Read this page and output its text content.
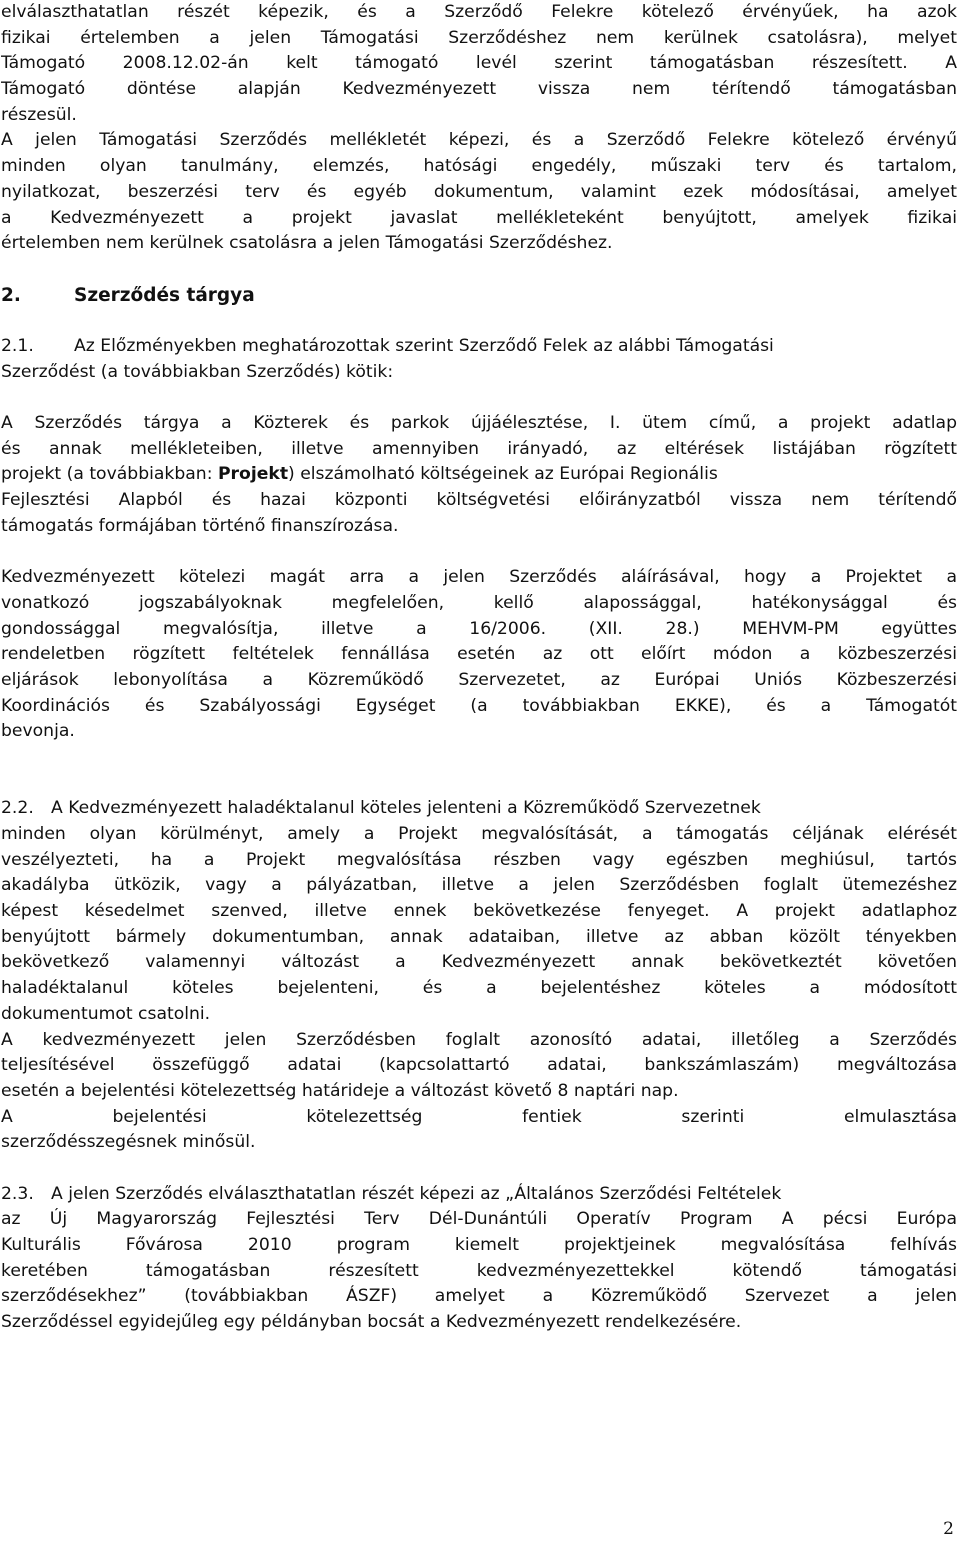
elválaszthatatlan részét képezik, és a Szerződő Felekre kötelező érvényűek, ha azok
fizikai értelemben a jelen Támogatási Szerződéshez nem kerülnek csatolásra), melyet
Támogató 2008.12.02-án kelt támogató levél szerint támogatásban részesített. A
Támogató döntése alapján Kedvezményezett vissza nem térítendő támogatásban
részesül.
A jelen Támogatási Szerződés mellékletét képezi, és a Szerződő Felekre kötelező érvényű
minden olyan tanulmány, elemzés, hatósági engedély, műszaki terv és tartalom,
nyilatkozat, beszerzési terv és egyéb dokumentum, valamint ezek módosításai, amelyet
a Kedvezményezett a projekt javaslat mellékleteként benyújtott, amelyek fizikai
értelemben nem kerülnek csatolásra a jelen Támogatási Szerződéshez.
2.	Szerződés tárgya
2.1. Az Előzményekben meghatározottak szerint Szerződő Felek az alábbi Támogatási
Szerződést (a továbbiakban Szerződés) kötik:
A Szerződés tárgya a Közterek és parkok újjáélesztése, I. ütem című, a projekt adatlap
és annak mellékleteiben, illetve amennyiben irányadó, az eltérések listájában rögzített
projekt (a továbbiakban: Projekt) elszámolható költségeinek az Európai Regionális
Fejlesztési Alapból és hazai központi költségvetési előirányzatból vissza nem térítendő
támogatás formájában történő finanszírozása.
Kedvezményezett kötelezi magát arra a jelen Szerződés aláírásával, hogy a Projektet a
vonatkozó jogszabályoknak megfelelően, kellő alapossággal, hatékonysággal és
gondossággal megvalósítja, illetve a 16/2006. (XII. 28.) MEHVM-PM együttes
rendeletben rögzített feltételek fennállása esetén az ott előírt módon a közbeszerzési
eljárások lebonyolítása a Közreműködő Szervezetet, az Európai Uniós Közbeszerzési
Koordinációs és Szabályossági Egységet (a továbbiakban EKKE), és a Támogatót
bevonja.
2.2. A Kedvezményezett haladéktalanul köteles jelenteni a Közreműködő Szervezetnek
minden olyan körülményt, amely a Projekt megvalósítását, a támogatás céljának elérését
veszélyezteti, ha a Projekt megvalósítása részben vagy egészben meghiúsul, tartós
akadályba ütközik, vagy a pályázatban, illetve a jelen Szerződésben foglalt ütemezéshez
képest késedelmet szenved, illetve ennek bekövetkezése fenyeget. A projekt adatlaphoz
benyújtott bármely dokumentumban, annak adataiban, illetve az abban közölt tényekben
bekövetkező valamennyi változást a Kedvezményezett annak bekövetkeztét követően
haladéktalanul köteles bejelenteni, és a bejelentéshez köteles a módosított
dokumentumot csatolni.
A kedvezményezett jelen Szerződésben foglalt azonosító adatai, illetőleg a Szerződés
teljesítésével összefüggő adatai (kapcsolattartó adatai, bankszámlaszám) megváltozása
esetén a bejelentési kötelezettség határideje a változást követő 8 naptári nap.
A bejelentési kötelezettség fentiek szerinti elmulasztása
szerződésszegésnek minősül.
2.3. A jelen Szerződés elválaszthatatlan részét képezi az „Általános Szerződési Feltételek
az Új Magyarország Fejlesztési Terv Dél-Dunántúli Operatív Program A pécsi Európa
Kulturális Fővárosa 2010 program kiemelt projektjeinek megvalósítása felhívás
keretében támogatásban részesített kedvezményezettekkel kötendő támogatási
szerződésekhez” (továbbiakban ÁSZF) amelyet a Közreműködő Szervezet a jelen
Szerződéssel egyidejűleg egy példányban bocsát a Kedvezményezett rendelkezésére.
2
